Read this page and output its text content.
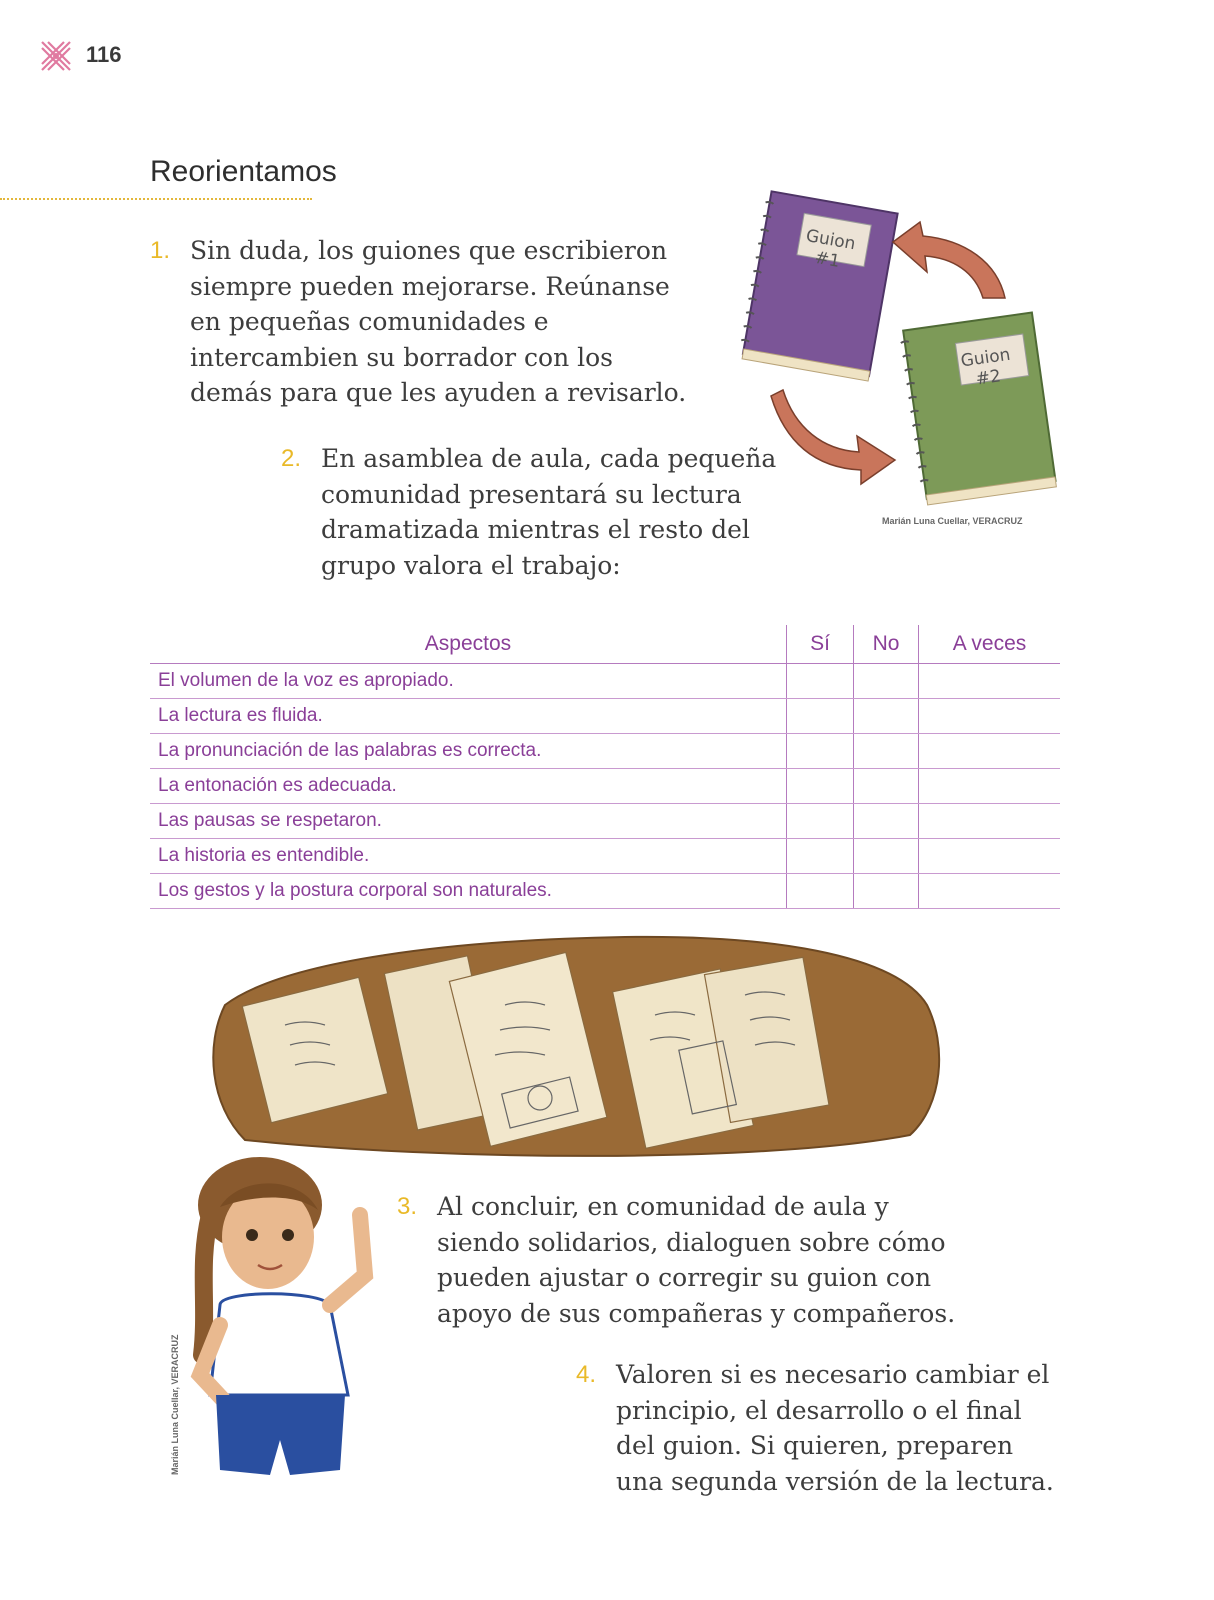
116
Reorientamos
1. Sin duda, los guiones que escribieron siempre pueden mejorarse. Reúnanse en pequeñas comunidades e intercambien su borrador con los demás para que les ayuden a revisarlo.
Guion #1
Guion #2
Marián Luna Cuellar, VERACRUZ
2. En asamblea de aula, cada pequeña comunidad presentará su lectura dramatizada mientras el resto del grupo valora el trabajo:
Aspectos	Sí	No	A veces
El volumen de la voz es apropiado.			
La lectura es fluida.			
La pronunciación de las palabras es correcta.			
La entonación es adecuada.			
Las pausas se respetaron.			
La historia es entendible.			
Los gestos y la postura corporal son naturales.			
Marián Luna Cuellar, VERACRUZ
3. Al concluir, en comunidad de aula y siendo solidarios, dialoguen sobre cómo pueden ajustar o corregir su guion con apoyo de sus compañeras y compañeros.
4. Valoren si es necesario cambiar el principio, el desarrollo o el final del guion. Si quieren, preparen una segunda versión de la lectura.
